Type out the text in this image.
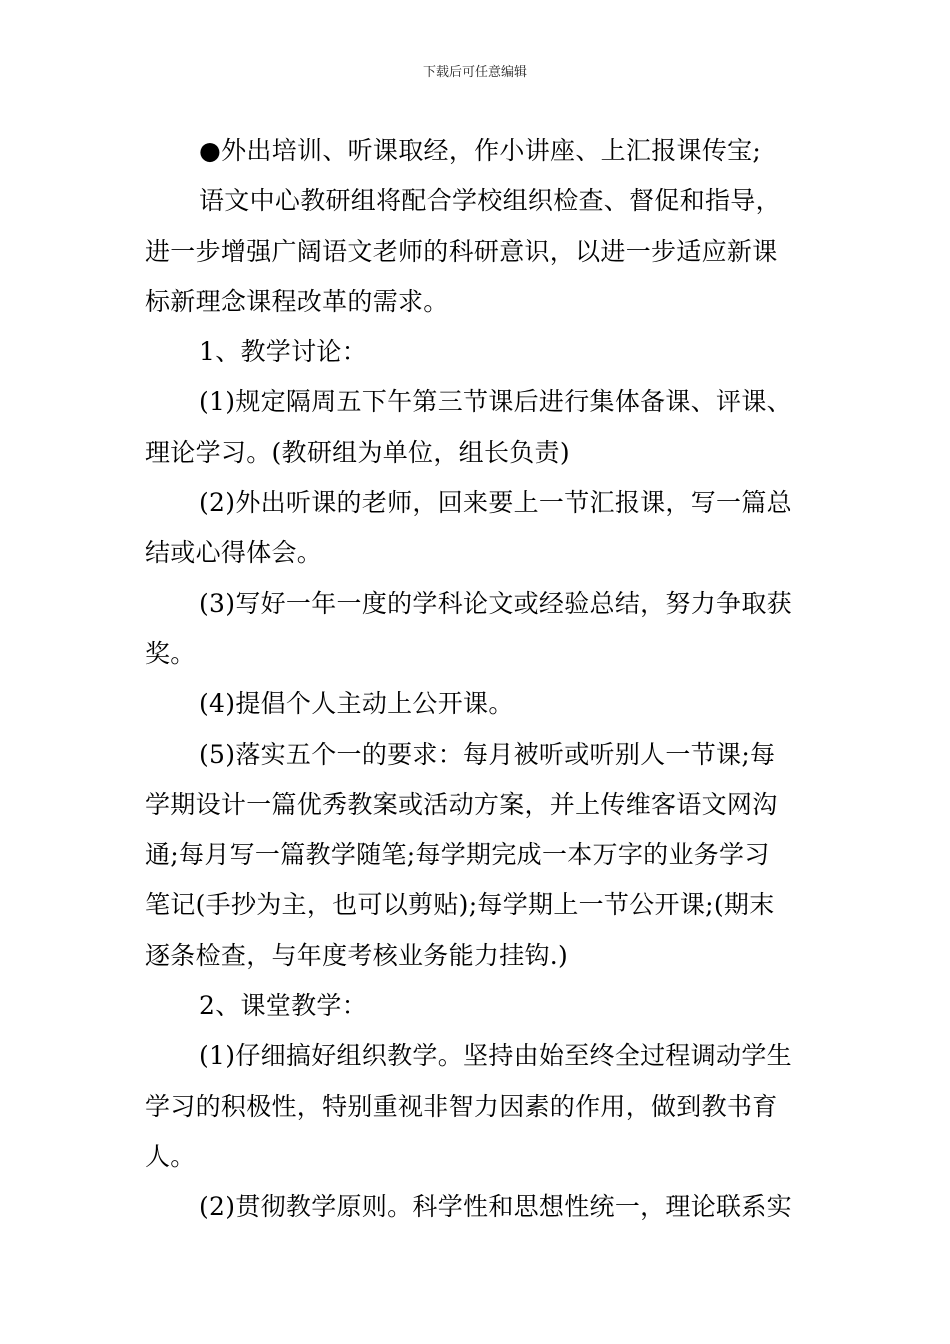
下载后可任意编辑
●外出培训、听课取经，作小讲座、上汇报课传宝;
语文中心教研组将配合学校组织检查、督促和指导，
进一步增强广阔语文老师的科研意识，以进一步适应新课
标新理念课程改革的需求。
1、教学讨论：
(1)规定隔周五下午第三节课后进行集体备课、评课、
理论学习。(教研组为单位，组长负责)
(2)外出听课的老师，回来要上一节汇报课，写一篇总
结或心得体会。
(3)写好一年一度的学科论文或经验总结，努力争取获
奖。
(4)提倡个人主动上公开课。
(5)落实五个一的要求：每月被听或听别人一节课;每
学期设计一篇优秀教案或活动方案，并上传维客语文网沟
通;每月写一篇教学随笔;每学期完成一本万字的业务学习
笔记(手抄为主，也可以剪贴);每学期上一节公开课;(期末
逐条检查，与年度考核业务能力挂钩.)
2、课堂教学：
(1)仔细搞好组织教学。坚持由始至终全过程调动学生
学习的积极性，特别重视非智力因素的作用，做到教书育
人。
(2)贯彻教学原则。科学性和思想性统一，理论联系实
